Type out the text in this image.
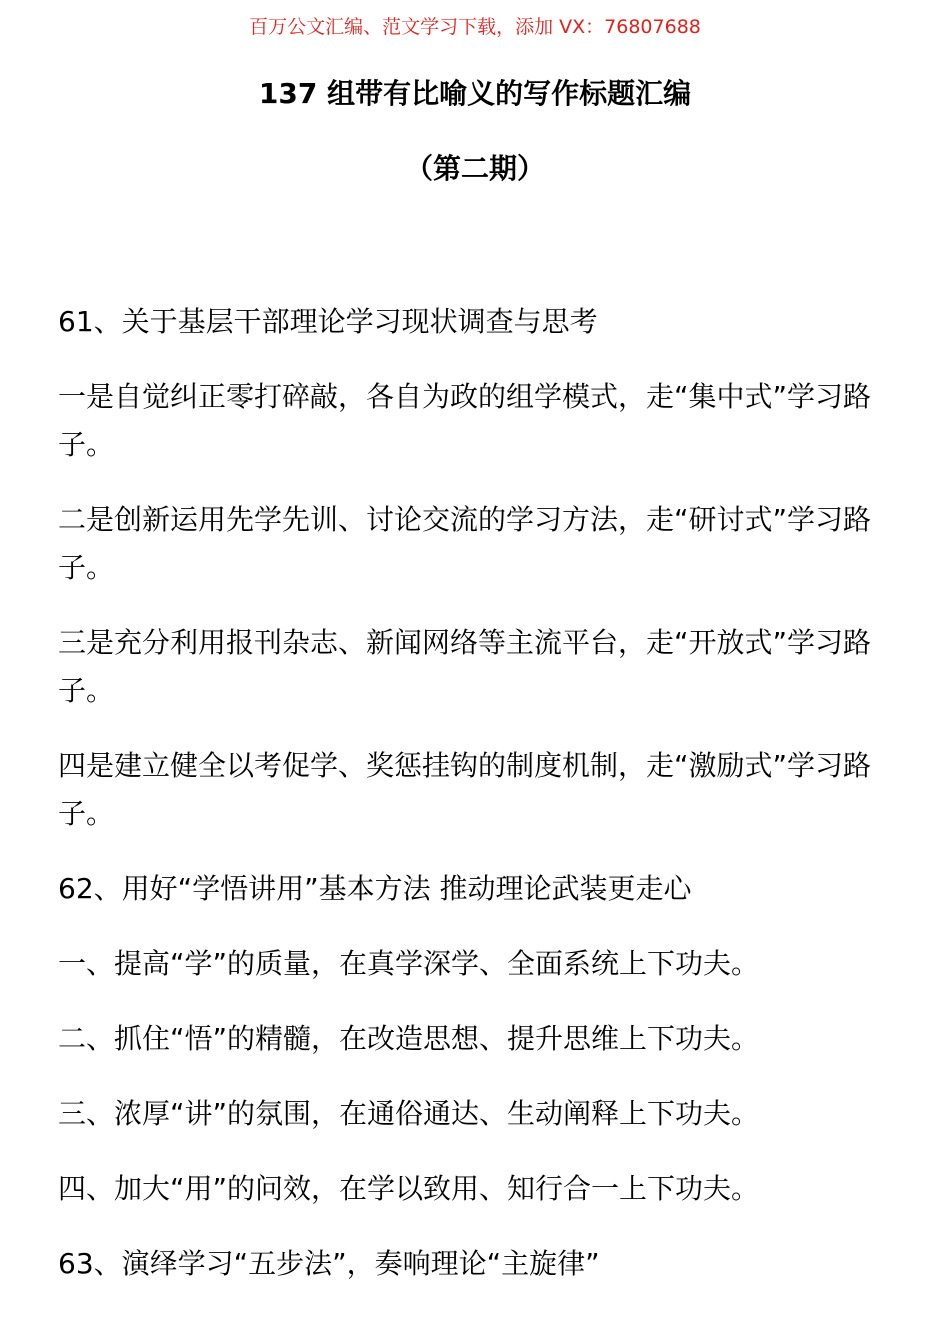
百万公文汇编、范文学习下载，添加 VX：76807688
137 组带有比喻义的写作标题汇编
（第二期）

61、关于基层干部理论学习现状调查与思考

一是自觉纠正零打碎敲，各自为政的组学模式，走“集中式”学习路子。

二是创新运用先学先训、讨论交流的学习方法，走“研讨式”学习路子。

三是充分利用报刊杂志、新闻网络等主流平台，走“开放式”学习路子。

四是建立健全以考促学、奖惩挂钩的制度机制，走“激励式”学习路子。

62、用好“学悟讲用”基本方法 推动理论武装更走心

一、提高“学”的质量，在真学深学、全面系统上下功夫。

二、抓住“悟”的精髓，在改造思想、提升思维上下功夫。

三、浓厚“讲”的氛围，在通俗通达、生动阐释上下功夫。

四、加大“用”的问效，在学以致用、知行合一上下功夫。

63、演绎学习“五步法”，奏响理论“主旋律”
